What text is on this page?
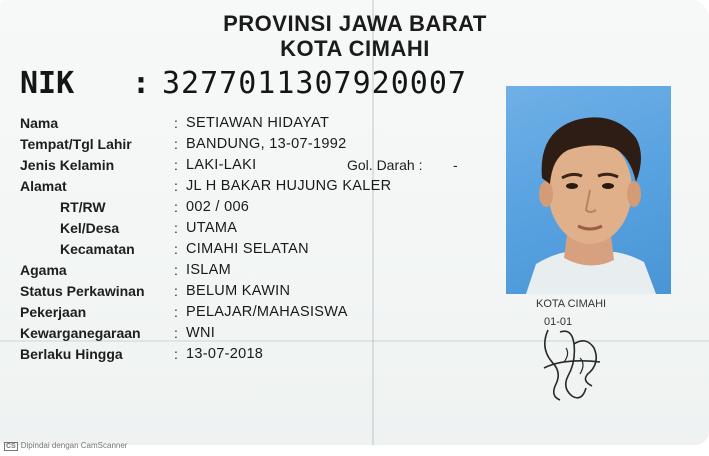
PROVINSI JAWA BARAT
KOTA CIMAHI
NIK : 3277011307920007
Nama	: SETIAWAN HIDAYAT
Tempat/Tgl Lahir	: BANDUNG, 13-07-1992
Jenis Kelamin	: LAKI-LAKI	Gol. Darah : -
Alamat	: JL H BAKAR HUJUNG KALER
RT/RW	: 002 / 006
Kel/Desa	: UTAMA
Kecamatan	: CIMAHI SELATAN
Agama	: ISLAM
Status Perkawinan : BELUM KAWIN
Pekerjaan	: PELAJAR/MAHASISWA
Kewarganegaraan : WNI
Berlaku Hingga	: 13-07-2018
KOTA CIMAHI
01-01
CS Dipindai dengan CamScanner
